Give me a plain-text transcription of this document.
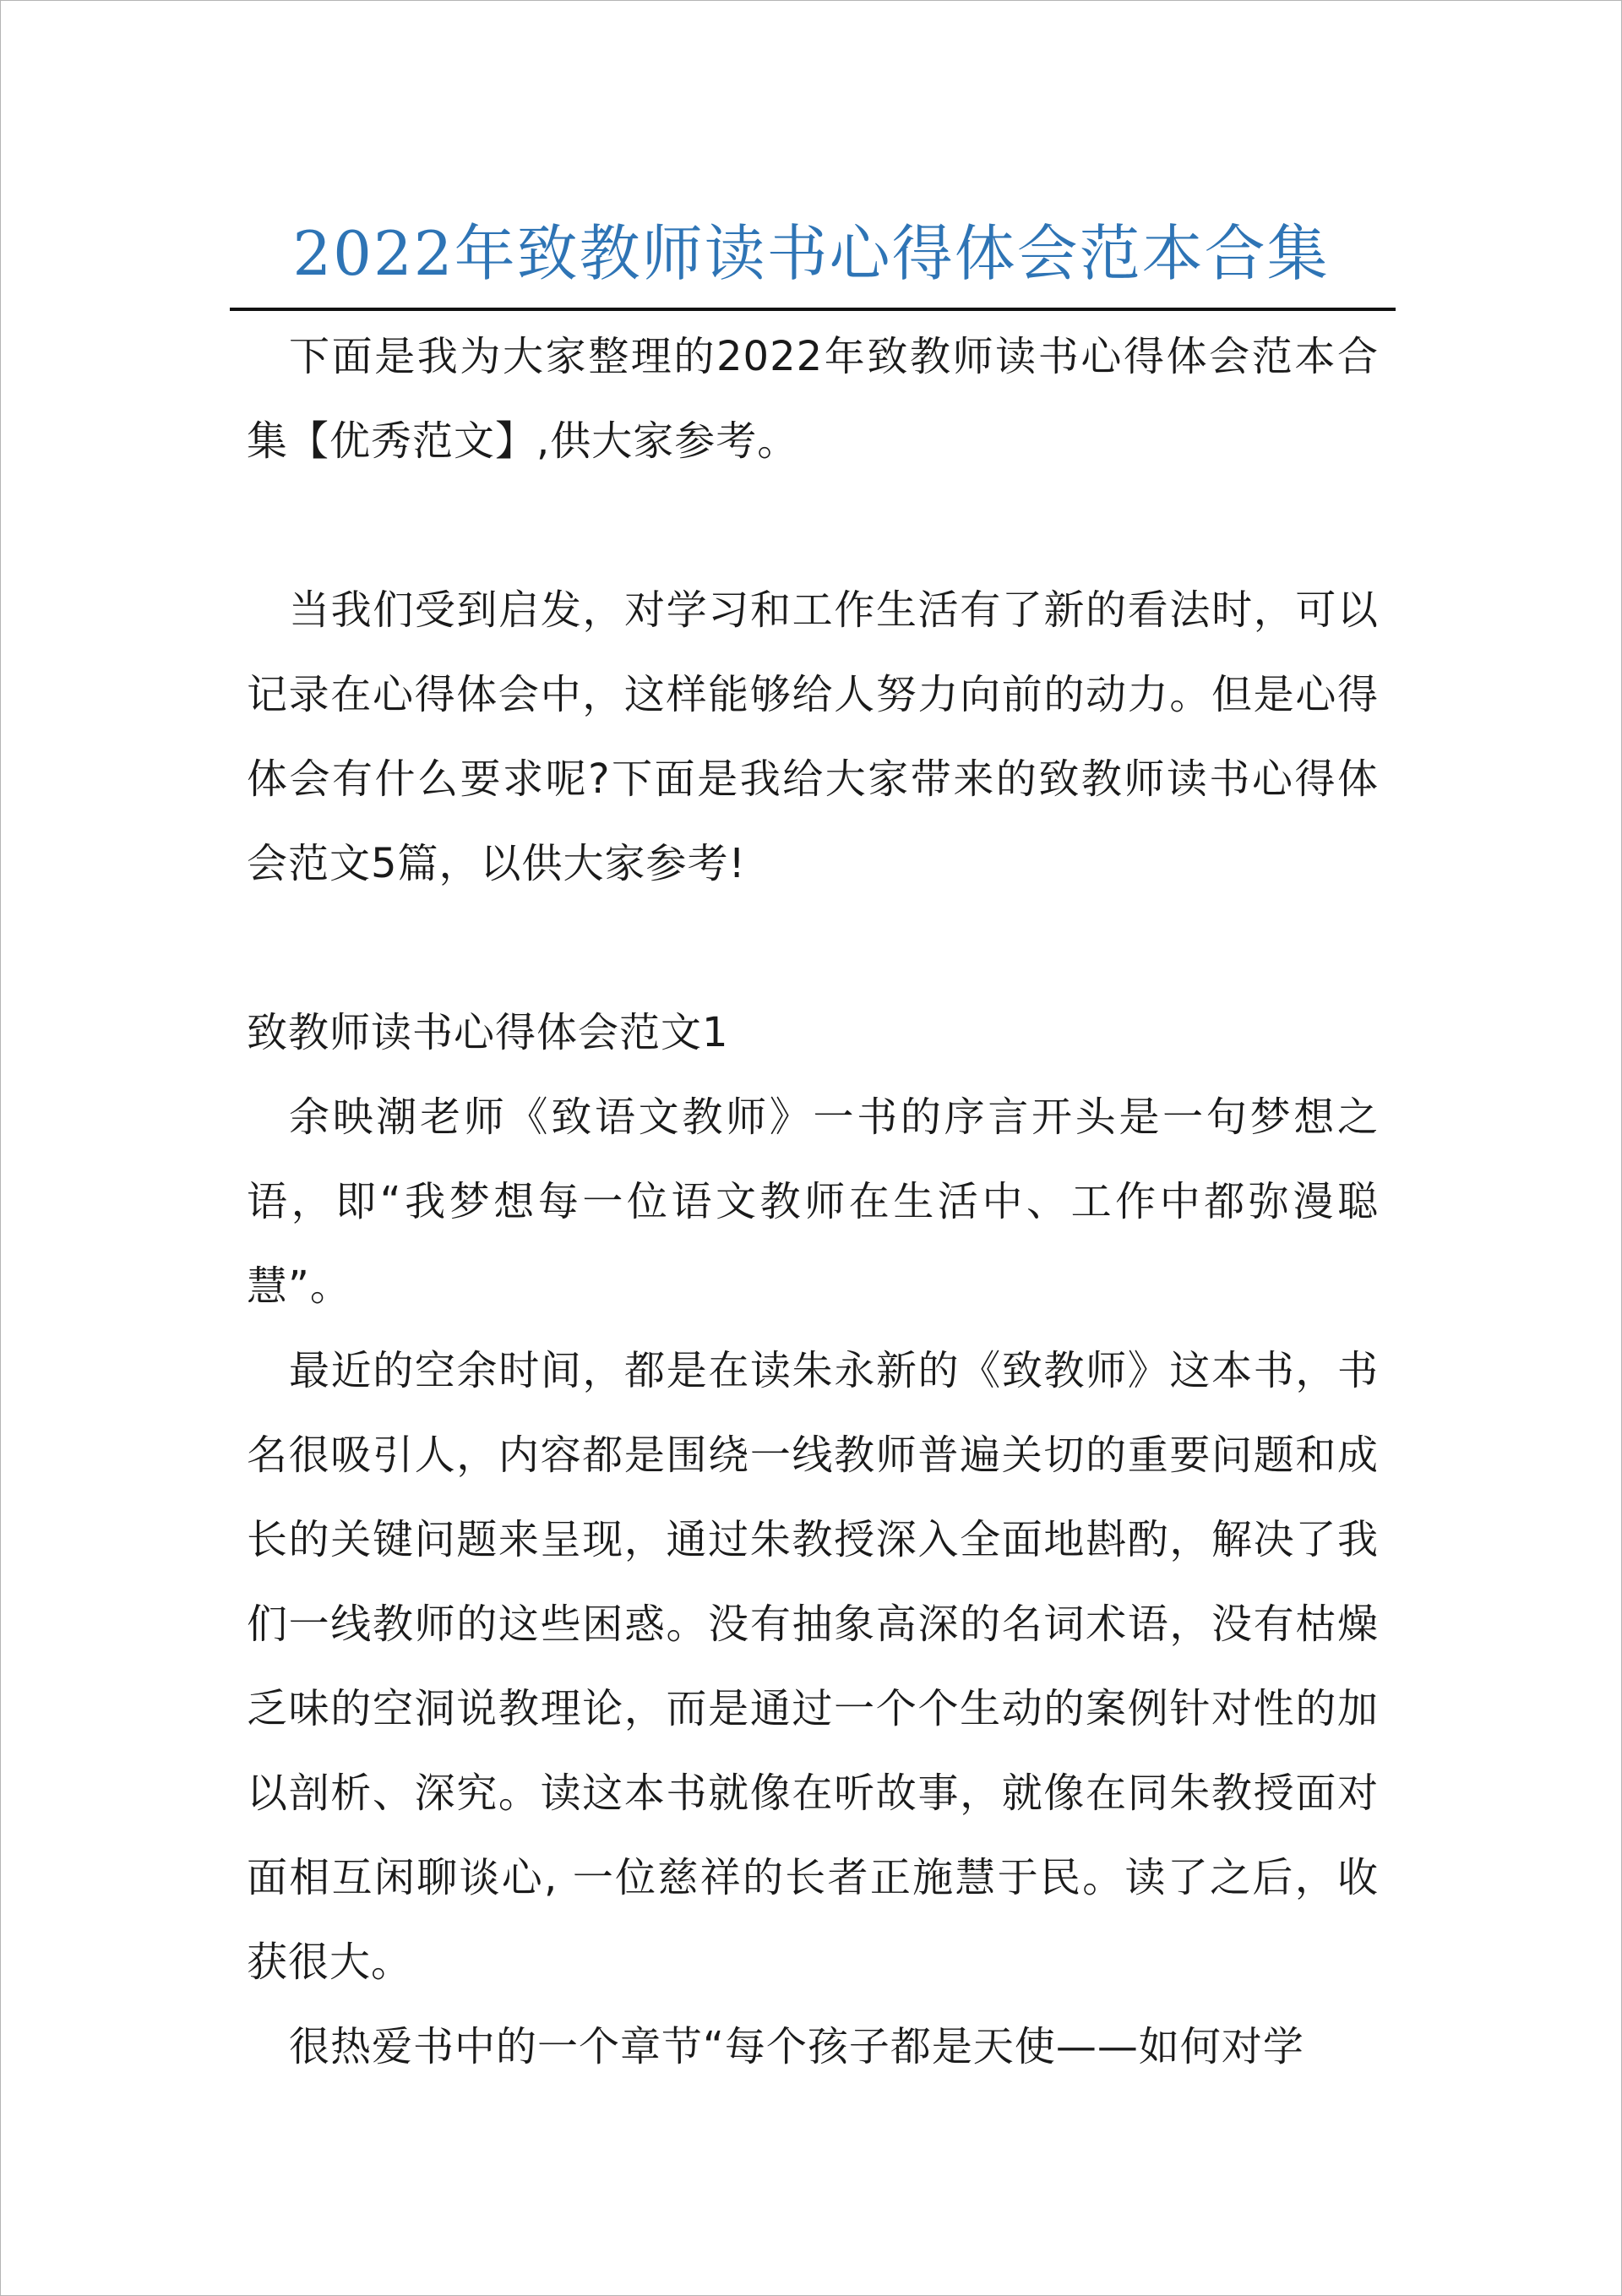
2022年致教师读书心得体会范本合集

下面是我为大家整理的2022年致教师读书心得体会范本合集【优秀范文】,供大家参考。

当我们受到启发，对学习和工作生活有了新的看法时，可以记录在心得体会中，这样能够给人努力向前的动力。但是心得体会有什么要求呢?下面是我给大家带来的致教师读书心得体会范文5篇，以供大家参考!

致教师读书心得体会范文1

余映潮老师《致语文教师》一书的序言开头是一句梦想之语，即“我梦想每一位语文教师在生活中、工作中都弥漫聪慧”。

最近的空余时间，都是在读朱永新的《致教师》这本书，书名很吸引人，内容都是围绕一线教师普遍关切的重要问题和成长的关键问题来呈现，通过朱教授深入全面地斟酌，解决了我们一线教师的这些困惑。没有抽象高深的名词术语，没有枯燥乏味的空洞说教理论，而是通过一个个生动的案例针对性的加以剖析、深究。读这本书就像在听故事，就像在同朱教授面对面相互闲聊谈心, 一位慈祥的长者正施慧于民。读了之后，收获很大。

很热爱书中的一个章节“每个孩子都是天使——如何对学
